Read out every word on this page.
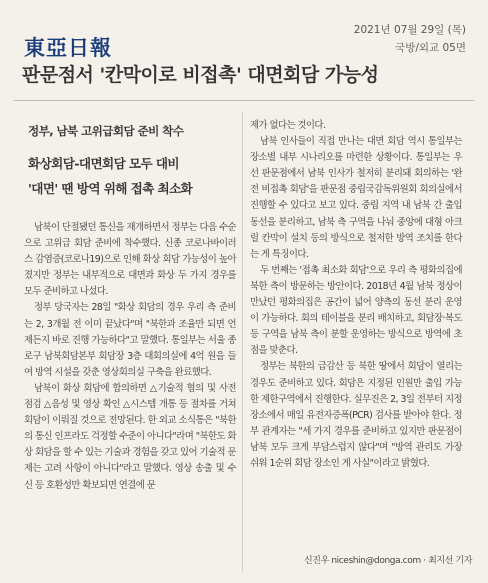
東亞日報
2021년 07월 29일 (목)
국방/외교 05면
판문점서 '칸막이로 비접촉' 대면회담 가능성
정부, 남북 고위급회담 준비 착수
화상회담-대면회담 모두 대비
'대면' 땐 방역 위해 접촉 최소화

남북이 단절됐던 통신을 재개하면서 정부는 다음 수순으로 고위급 회담 준비에 착수했다. 신종 코로나바이러스 감염증(코로나19)으로 인해 화상 회담 가능성이 높아졌지만 정부는 내부적으로 대면과 화상 두 가지 경우를 모두 준비하고 나섰다.

정부 당국자는 28일 "화상 회담의 경우 우리 측 준비는 2, 3개월 전 이미 끝났다"며 "북한과 조율만 되면 언제든지 바로 진행 가능하다"고 말했다. 통일부는 서울 종로구 남북회담본부 회담장 3층 대회의실에 4억 원을 들여 방역 시설을 갖춘 영상회의실 구축을 완료했다.

남북이 화상 회담에 합의하면 △기술적 협의 및 사전점검 △음성 및 영상 확인 △시스템 개통 등 절차를 거쳐 회담이 이뤄질 것으로 전망된다. 한 외교 소식통은 "북한의 통신 인프라도 걱정할 수준이 아니다"라며 "북한도 화상 회담을 할 수 있는 기술과 경험을 갖고 있어 기술적 문제는 고려 사항이 아니다"라고 말했다. 영상 송출 및 수신 등 호환성만 확보되면 연결에 문

제가 없다는 것이다.

남북 인사들이 직접 만나는 대면 회담 역시 통일부는 장소별 내부 시나리오를 마련한 상황이다. 통일부는 우선 판문점에서 남북 인사가 철저히 분리돼 회의하는 '완전 비접촉 회담'을 판문점 중립국감독위원회 회의실에서 진행할 수 있다고 보고 있다. 중립 지역 내 남북 간 출입 동선을 분리하고, 남북 측 구역을 나눠 중앙에 대형 아크릴 칸막이 설치 등의 방식으로 철저한 방역 조치를 한다는 게 특징이다.

두 번째는 '접촉 최소화 회담'으로 우리 측 평화의집에 북한 측이 방문하는 방안이다. 2018년 4월 남북 정상이 만났던 평화의집은 공간이 넓어 양측의 동선 분리 운영이 가능하다. 회의 테이블을 분리 배치하고, 회담장·복도 등 구역을 남북 측이 분할 운영하는 방식으로 방역에 초점을 맞춘다.

정부는 북한의 급감산 등 북한 땅에서 회담이 열리는 경우도 준비하고 있다. 회담은 지정된 인원만 출입 가능한 제한구역에서 진행한다. 실무진은 2, 3일 전부터 지정 장소에서 매일 유전자증폭(PCR) 검사를 받아야 한다. 정부 관계자는 "세 가지 경우를 준비하고 있지만 판문점이 남북 모두 크게 부담스럽지 않다"며 "방역 관리도 가장 쉬워 1순위 회담 장소인 게 사실"이라고 밝혔다.

신진우 niceshin@donga.com · 최지선 기자
